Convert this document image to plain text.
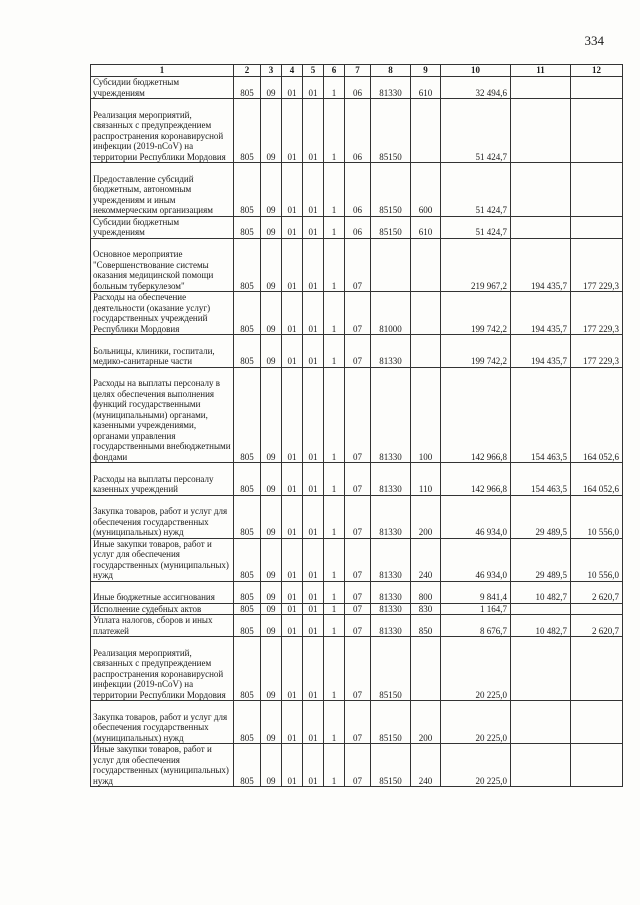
334
1	2	3	4	5	6	7	8	9	10	11	12
Субсидии бюджетным учреждениям	805	09	01	01	1	06	81330	610	32 494,6		
Реализация мероприятий, связанных с предупреждением распространения коронавирусной инфекции (2019-nCoV) на территории Республики Мордовия	805	09	01	01	1	06	85150		51 424,7		
Предоставление субсидий бюджетным, автономным учреждениям и иным некоммерческим организациям	805	09	01	01	1	06	85150	600	51 424,7		
Субсидии бюджетным учреждениям	805	09	01	01	1	06	85150	610	51 424,7		
Основное мероприятие "Совершенствование системы оказания медицинской помощи больным туберкулезом"	805	09	01	01	1	07			219 967,2	194 435,7	177 229,3
Расходы на обеспечение деятельности (оказание услуг) государственных учреждений Республики Мордовия	805	09	01	01	1	07	81000		199 742,2	194 435,7	177 229,3
Больницы, клиники, госпитали, медико-санитарные части	805	09	01	01	1	07	81330		199 742,2	194 435,7	177 229,3
Расходы на выплаты персоналу в целях обеспечения выполнения функций государственными (муниципальными) органами, казенными учреждениями, органами управления государственными внебюджетными фондами	805	09	01	01	1	07	81330	100	142 966,8	154 463,5	164 052,6
Расходы на выплаты персоналу казенных учреждений	805	09	01	01	1	07	81330	110	142 966,8	154 463,5	164 052,6
Закупка товаров, работ и услуг для обеспечения государственных (муниципальных) нужд	805	09	01	01	1	07	81330	200	46 934,0	29 489,5	10 556,0
Иные закупки товаров, работ и услуг для обеспечения государственных (муниципальных) нужд	805	09	01	01	1	07	81330	240	46 934,0	29 489,5	10 556,0
Иные бюджетные ассигнования	805	09	01	01	1	07	81330	800	9 841,4	10 482,7	2 620,7
Исполнение судебных актов	805	09	01	01	1	07	81330	830	1 164,7		
Уплата налогов, сборов и иных платежей	805	09	01	01	1	07	81330	850	8 676,7	10 482,7	2 620,7
Реализация мероприятий, связанных с предупреждением распространения коронавирусной инфекции (2019-nCoV) на территории Республики Мордовия	805	09	01	01	1	07	85150		20 225,0		
Закупка товаров, работ и услуг для обеспечения государственных (муниципальных) нужд	805	09	01	01	1	07	85150	200	20 225,0		
Иные закупки товаров, работ и услуг для обеспечения государственных (муниципальных) нужд	805	09	01	01	1	07	85150	240	20 225,0		
